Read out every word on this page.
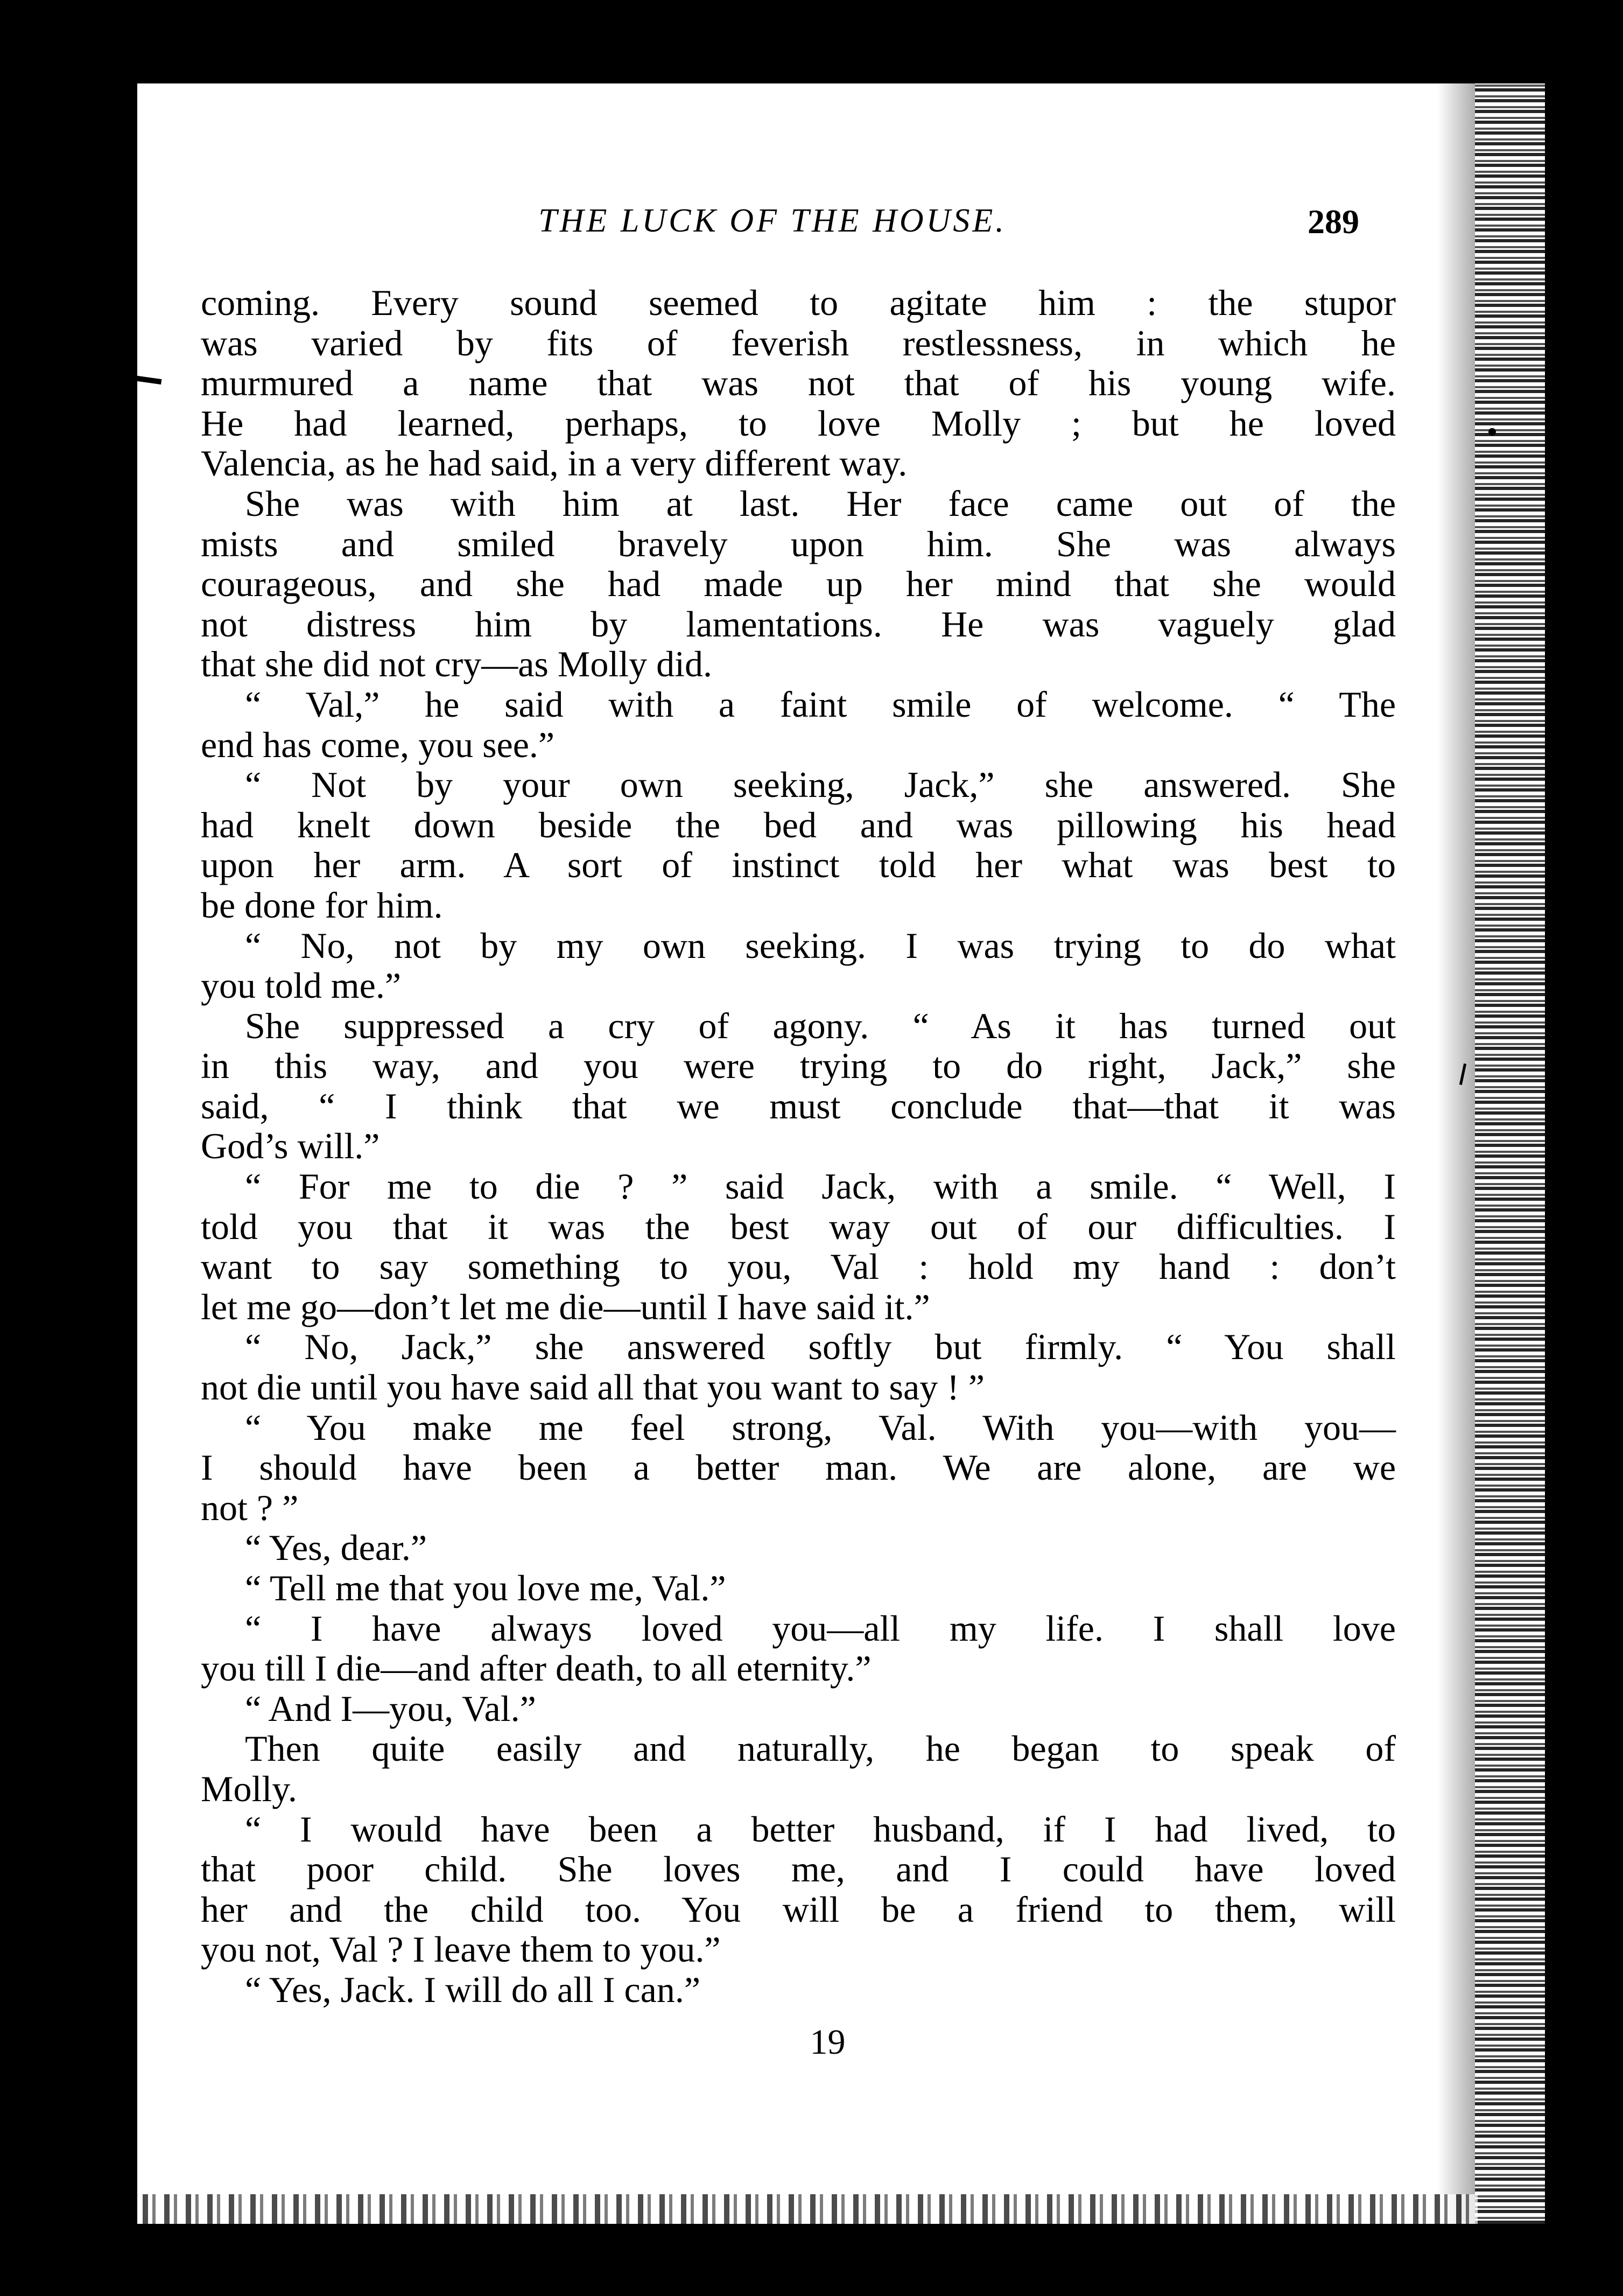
THE LUCK OF THE HOUSE.	289
coming. Every sound seemed to agitate him : the stupor
was varied by fits of feverish restlessness, in which he
murmured a name that was not that of his young wife.
He had learned, perhaps, to love Molly ; but he loved
Valencia, as he had said, in a very different way.
She was with him at last. Her face came out of the
mists and smiled bravely upon him. She was always
courageous, and she had made up her mind that she would
not distress him by lamentations. He was vaguely glad
that she did not cry—as Molly did.
“ Val,” he said with a faint smile of welcome. “ The
end has come, you see.”
“ Not by your own seeking, Jack,” she answered. She
had knelt down beside the bed and was pillowing his head
upon her arm. A sort of instinct told her what was best to
be done for him.
“ No, not by my own seeking. I was trying to do what
you told me.”
She suppressed a cry of agony. “ As it has turned out
in this way, and you were trying to do right, Jack,” she
said, “ I think that we must conclude that—that it was
God’s will.”
“ For me to die ? ” said Jack, with a smile. “ Well, I
told you that it was the best way out of our difficulties. I
want to say something to you, Val : hold my hand : don’t
let me go—don’t let me die—until I have said it.”
“ No, Jack,” she answered softly but firmly. “ You shall
not die until you have said all that you want to say ! ”
“ You make me feel strong, Val. With you—with you—
I should have been a better man. We are alone, are we
not ? ”
“ Yes, dear.”
“ Tell me that you love me, Val.”
“ I have always loved you—all my life. I shall love
you till I die—and after death, to all eternity.”
“ And I—you, Val.”
Then quite easily and naturally, he began to speak of
Molly.
“ I would have been a better husband, if I had lived, to
that poor child. She loves me, and I could have loved
her and the child too. You will be a friend to them, will
you not, Val ? I leave them to you.”
“ Yes, Jack. I will do all I can.”
19
